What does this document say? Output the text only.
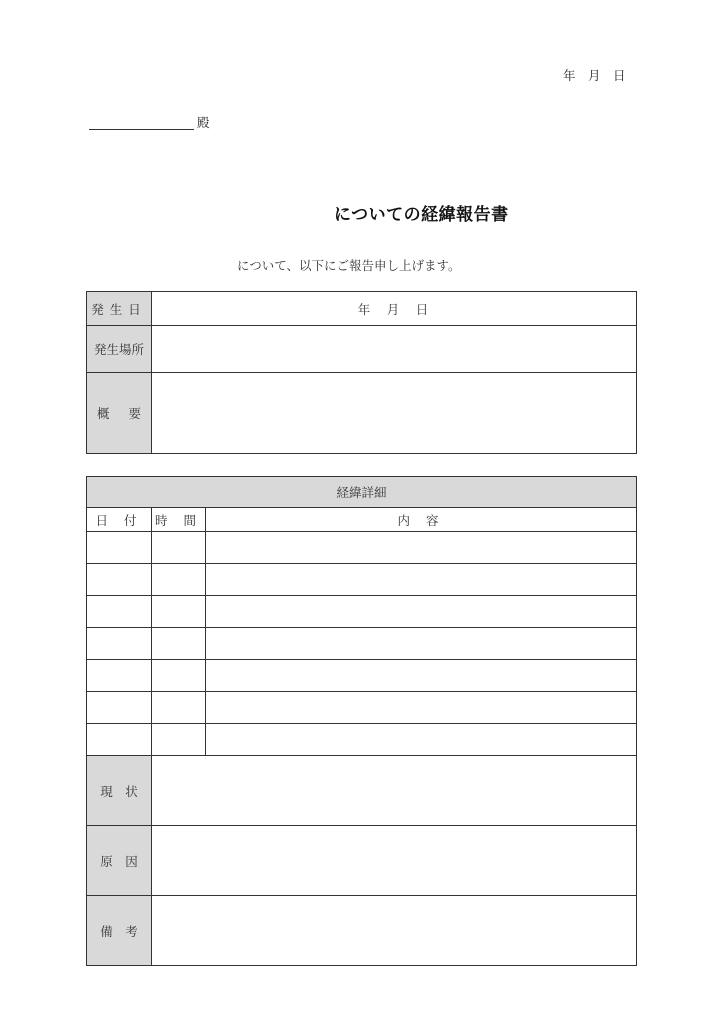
年　月　日
殿
についての経緯報告書
について、以下にご報告申し上げます。
発生日	年　月　日
発生場所	

概 要	

経緯詳細		
日 付	時 間	内 容

現　状		
原　因		
備　考		
